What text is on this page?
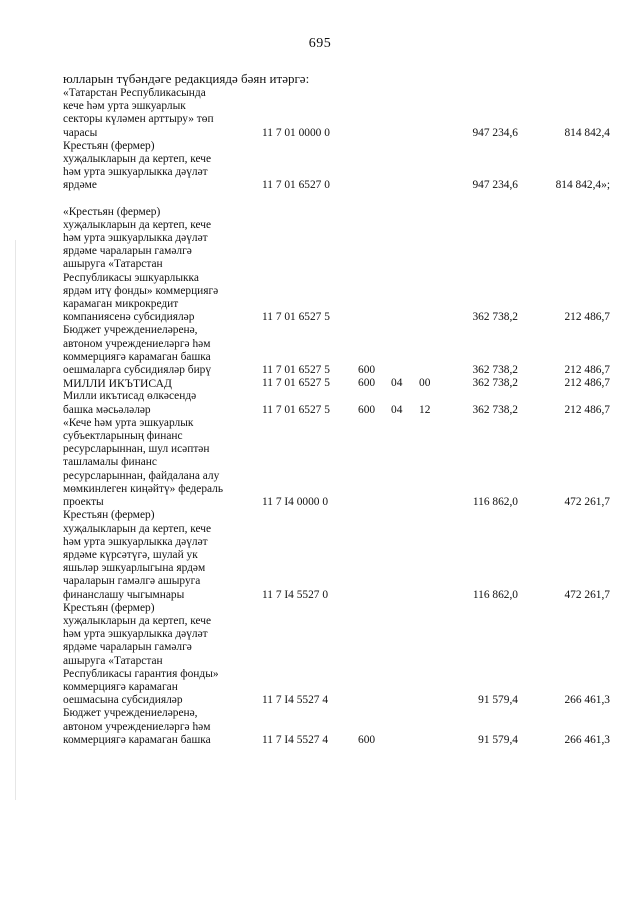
695
юлларын түбәндәге редакциядә бәян итәргә:
«Татарстан Республикасында
кече һәм урта эшкуарлык
секторы күләмен арттыру» төп
чарасы	11 7 01 0000 0	947 234,6	814 842,4
Крестьян (фермер)
хуҗалыкларын да кертеп, кече
һәм урта эшкуарлыкка дәүләт
ярдәме	11 7 01 6527 0	947 234,6	814 842,4»;
«Крестьян (фермер)
хуҗалыкларын да кертеп, кече
һәм урта эшкуарлыкка дәүләт
ярдәме чараларын гамәлгә
ашыруга «Татарстан
Республикасы эшкуарлыкка
ярдәм итү фонды» коммерциягә
карамаган микрокредит
компаниясенә субсидияләр	11 7 01 6527 5	362 738,2	212 486,7
Бюджет учреждениеләренә,
автоном учреждениеләргә һәм
коммерциягә карамаган башка
оешмаларга субсидияләр бирү	11 7 01 6527 5 600	362 738,2	212 486,7
МИЛЛИ ИКЪТИСАД	11 7 01 6527 5 600 04 00	362 738,2	212 486,7
Милли икътисад өлкәсендә
башка мәсьәләләр	11 7 01 6527 5 600 04 12	362 738,2	212 486,7
«Кече һәм урта эшкуарлык
субъектларының финанс
ресурсларыннан, шул исәптән
ташламалы финанс
ресурсларыннан, файдалана алу
мөмкинлеген киңәйтү» федераль
проекты	11 7 I4 0000 0	116 862,0	472 261,7
Крестьян (фермер)
хуҗалыкларын да кертеп, кече
һәм урта эшкуарлыкка дәүләт
ярдәме күрсәтүгә, шулай ук
яшьләр эшкуарлыгына ярдәм
чараларын гамәлгә ашыруга
финанслашу чыгымнары	11 7 I4 5527 0	116 862,0	472 261,7
Крестьян (фермер)
хуҗалыкларын да кертеп, кече
һәм урта эшкуарлыкка дәүләт
ярдәме чараларын гамәлгә
ашыруга «Татарстан
Республикасы гарантия фонды»
коммерциягә карамаган
оешмасына субсидияләр	11 7 I4 5527 4	91 579,4	266 461,3
Бюджет учреждениеләренә,
автоном учреждениеләргә һәм
коммерциягә карамаган башка	11 7 I4 5527 4	600	91 579,4	266 461,3
